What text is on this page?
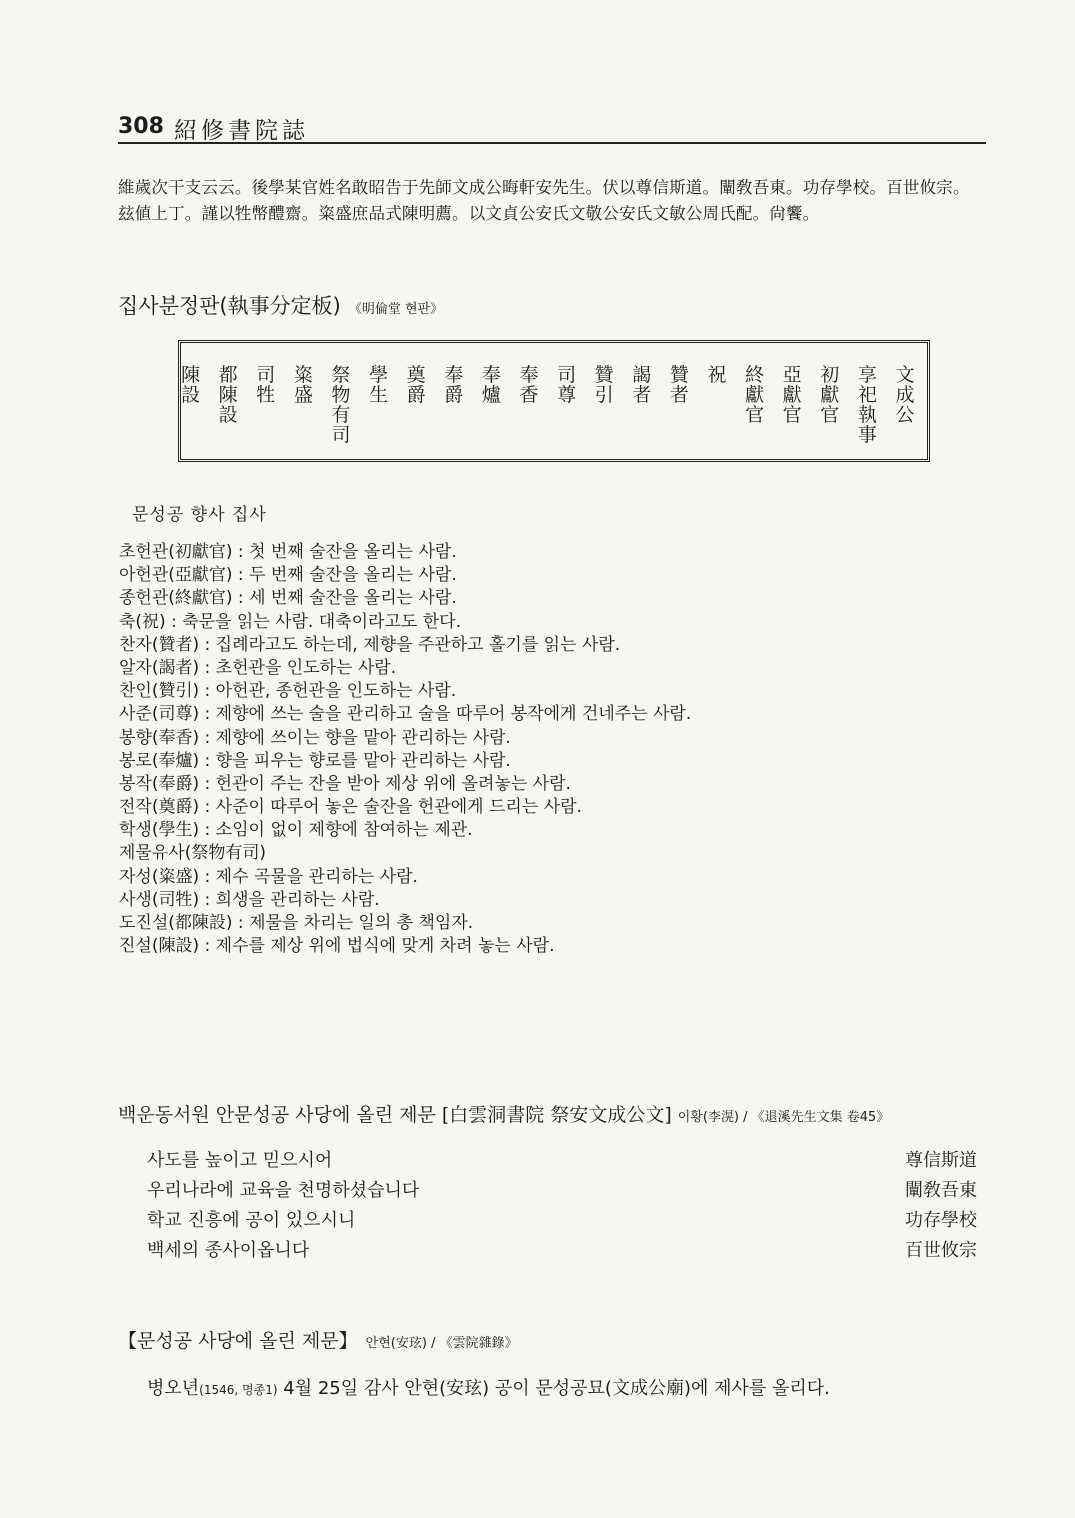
308 紹修書院誌
維歲次干支云云。後學某官姓名敢昭告于先師文成公晦軒安先生。伏以尊信斯道。闡敎吾東。功存學校。百世攸宗。
玆値上丁。謹以牲幣醴齋。粢盛庶品式陳明薦。以文貞公安氏文敬公安氏文敏公周氏配。尙饗。
집사분정판(執事分定板) 《明倫堂 현판》
文
成
公
享
祀
執
事
初
獻
官
亞
獻
官
終
獻
官
祝
贊
者
謁
者
贊
引
司
尊
奉
香
奉
爐
奉
爵
奠
爵
學
生
祭
物
有
司
粢
盛
司
牲
都
陳
設
陳
設
문성공 향사 집사
초헌관(初獻官) : 첫 번째 술잔을 올리는 사람.
아헌관(亞獻官) : 두 번째 술잔을 올리는 사람.
종헌관(終獻官) : 세 번째 술잔을 올리는 사람.
축(祝) : 축문을 읽는 사람. 대축이라고도 한다.
찬자(贊者) : 집례라고도 하는데, 제향을 주관하고 홀기를 읽는 사람.
알자(謁者) : 초헌관을 인도하는 사람.
찬인(贊引) : 아헌관, 종헌관을 인도하는 사람.
사준(司尊) : 제향에 쓰는 술을 관리하고 술을 따루어 봉작에게 건네주는 사람.
봉향(奉香) : 제향에 쓰이는 향을 맡아 관리하는 사람.
봉로(奉爐) : 향을 피우는 향로를 맡아 관리하는 사람.
봉작(奉爵) : 헌관이 주는 잔을 받아 제상 위에 올려놓는 사람.
전작(奠爵) : 사준이 따루어 놓은 술잔을 헌관에게 드리는 사람.
학생(學生) : 소임이 없이 제향에 참여하는 제관.
제물유사(祭物有司)
자성(粢盛) : 제수 곡물을 관리하는 사람.
사생(司牲) : 희생을 관리하는 사람.
도진설(都陳設) : 제물을 차리는 일의 총 책임자.
진설(陳設) : 제수를 제상 위에 법식에 맞게 차려 놓는 사람.
백운동서원 안문성공 사당에 올린 제문 [白雲洞書院 祭安文成公文] 이황(李滉) / 《退溪先生文集 卷45》
사도를 높이고 믿으시어	尊信斯道
우리나라에 교육을 천명하셨습니다	闡敎吾東
학교 진흥에 공이 있으시니	功存學校
백세의 종사이옵니다	百世攸宗
【문성공 사당에 올린 제문】 안현(安玹) / 《雲院雜錄》
병오년(1546, 명종1) 4월 25일 감사 안현(安玹) 공이 문성공묘(文成公廟)에 제사를 올리다.
